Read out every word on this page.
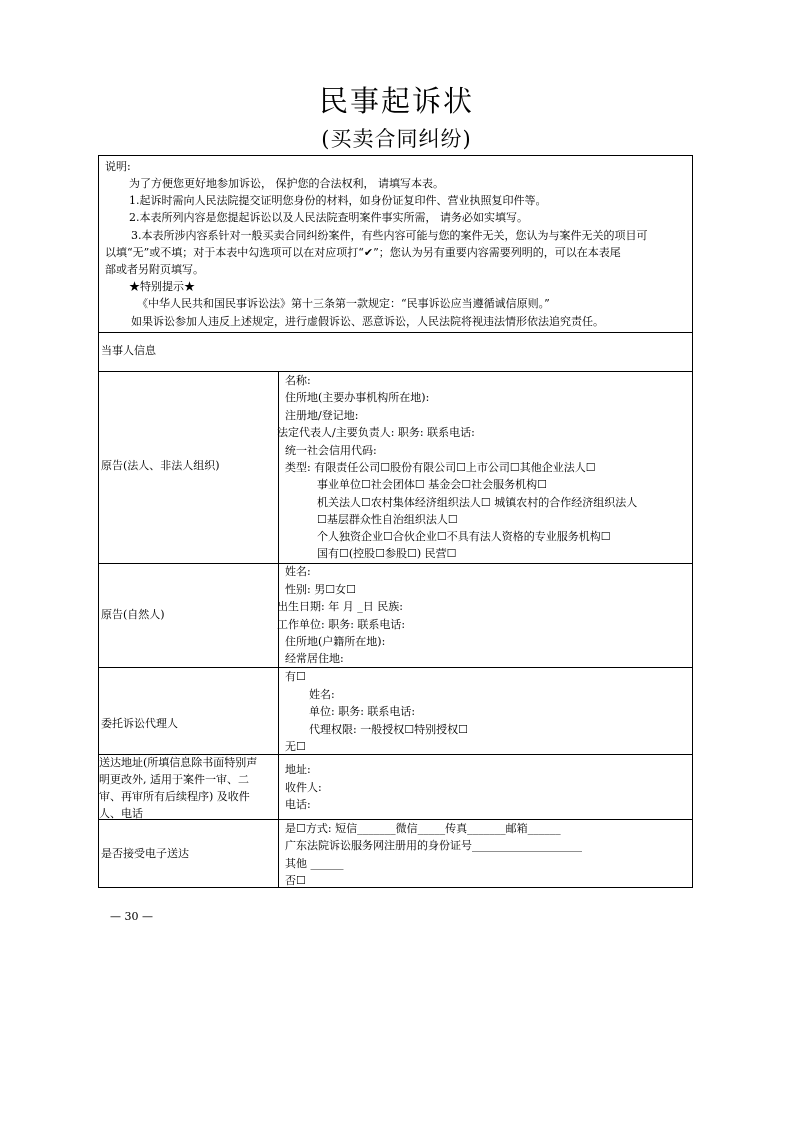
民事起诉状
(买卖合同纠纷)
说明:
为了方便您更好地参加诉讼， 保护您的合法权利， 请填写本表。
1.起诉时需向人民法院提交证明您身份的材料，如身份证复印件、营业执照复印件等。
2.本表所列内容是您提起诉讼以及人民法院查明案件事实所需， 请务必如实填写。
3.本表所涉内容系针对一般买卖合同纠纷案件，有些内容可能与您的案件无关，您认为与案件无关的项目可
以填“无”或不填；对于本表中勾选项可以在对应项打“✔”；您认为另有重要内容需要列明的，可以在本表尾
部或者另附页填写。
★特别提示★
《中华人民共和国民事诉讼法》第十三条第一款规定：“民事诉讼应当遵循诚信原则。”
如果诉讼参加人违反上述规定，进行虚假诉讼、恶意诉讼，人民法院将视违法情形依法追究责任。
当事人信息
原告(法人、非法人组织)
名称:
住所地(主要办事机构所在地):
注册地/登记地:
法定代表人/主要负责人: 职务: 联系电话:
统一社会信用代码:
类型: 有限责任公司☐股份有限公司☐上市公司☐其他企业法人☐
事业单位☐社会团体☐ 基金会☐社会服务机构☐
机关法人☐农村集体经济组织法人☐ 城镇农村的合作经济组织法人
☐基层群众性自治组织法人☐
个人独资企业☐合伙企业☐不具有法人资格的专业服务机构☐
国有☐(控股☐参股☐) 民营☐
原告(自然人)
姓名:
性别: 男☐女☐
出生日期: 年 月 _日 民族:
工作单位: 职务: 联系电话:
住所地(户籍所在地):
经常居住地:
委托诉讼代理人
有☐
姓名:
单位: 职务: 联系电话:
代理权限: 一般授权☐特别授权☐
无☐
送达地址(所填信息除书面特别声
明更改外, 适用于案件一审、二
审、再审所有后续程序) 及收件
人、电话
地址:
收件人:
电话:
是否接受电子送达
是☐方式: 短信_______微信_____传真_______邮箱______
广东法院诉讼服务网注册用的身份证号____________________
其他 ______
否☐
— 30 —
